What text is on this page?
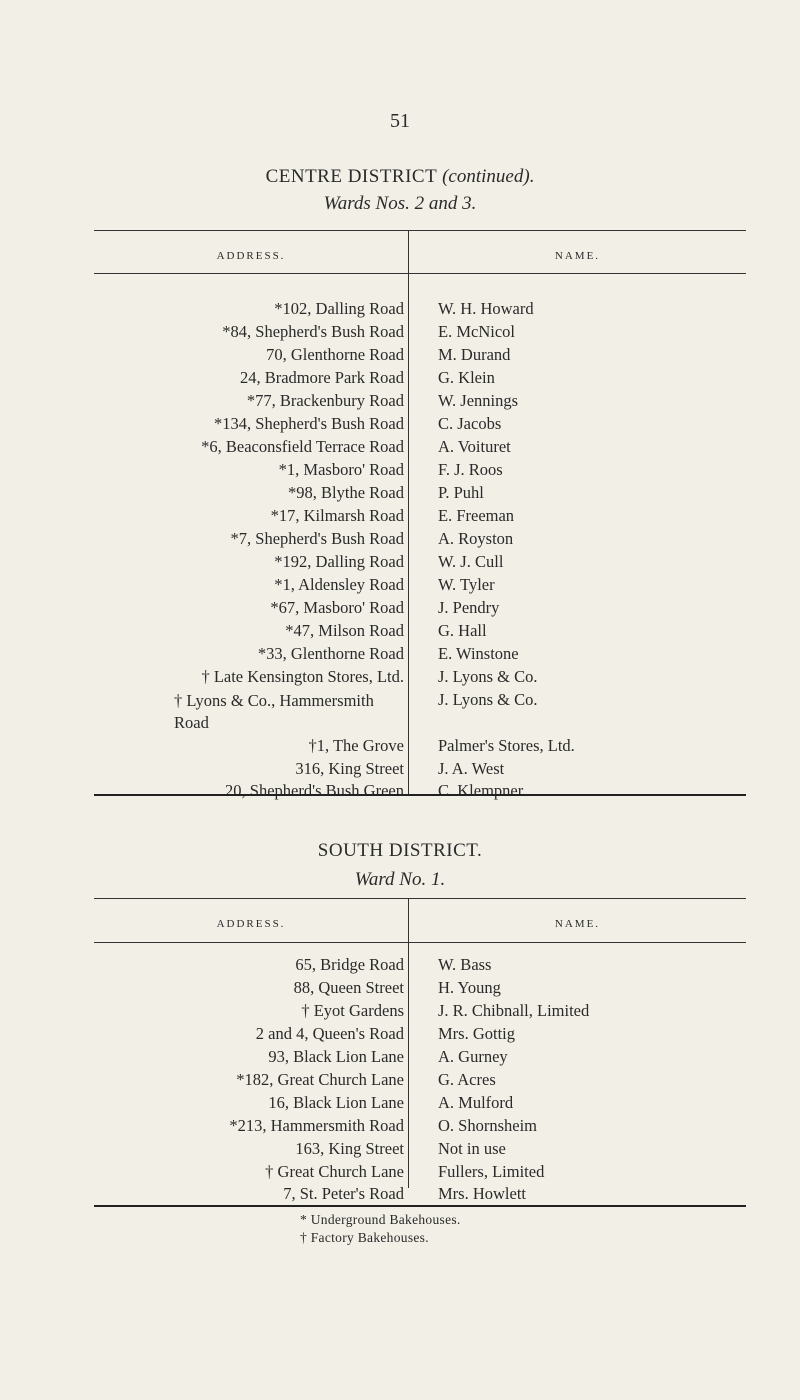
51
CENTRE DISTRICT (continued).
Wards Nos. 2 and 3.
ADDRESS.	NAME.
*102, Dalling Road W. H. Howard
*84, Shepherd's Bush Road E. McNicol
70, Glenthorne Road M. Durand
24, Bradmore Park Road G. Klein
*77, Brackenbury Road W. Jennings
*134, Shepherd's Bush Road C. Jacobs
*6, Beaconsfield Terrace Road A. Voituret
*1, Masboro' Road F. J. Roos
*98, Blythe Road P. Puhl
*17, Kilmarsh Road E. Freeman
*7, Shepherd's Bush Road A. Royston
*192, Dalling Road W. J. Cull
*1, Aldensley Road W. Tyler
*67, Masboro' Road J. Pendry
*47, Milson Road G. Hall
*33, Glenthorne Road E. Winstone
† Late Kensington Stores, Ltd. J. Lyons & Co.
† Lyons & Co., Hammersmith Road
J. Lyons & Co.
†1, The Grove Palmer's Stores, Ltd.
316, King Street J. A. West
20, Shepherd's Bush Green C. Klempner
SOUTH DISTRICT.
Ward No. 1.
ADDRESS.	NAME.
65, Bridge Road W. Bass
88, Queen Street H. Young
† Eyot Gardens J. R. Chibnall, Limited
2 and 4, Queen's Road Mrs. Gottig
93, Black Lion Lane A. Gurney
*182, Great Church Lane G. Acres
16, Black Lion Lane A. Mulford
*213, Hammersmith Road O. Shornsheim
163, King Street Not in use
† Great Church Lane Fullers, Limited
7, St. Peter's Road Mrs. Howlett
* Underground Bakehouses.
† Factory Bakehouses.
